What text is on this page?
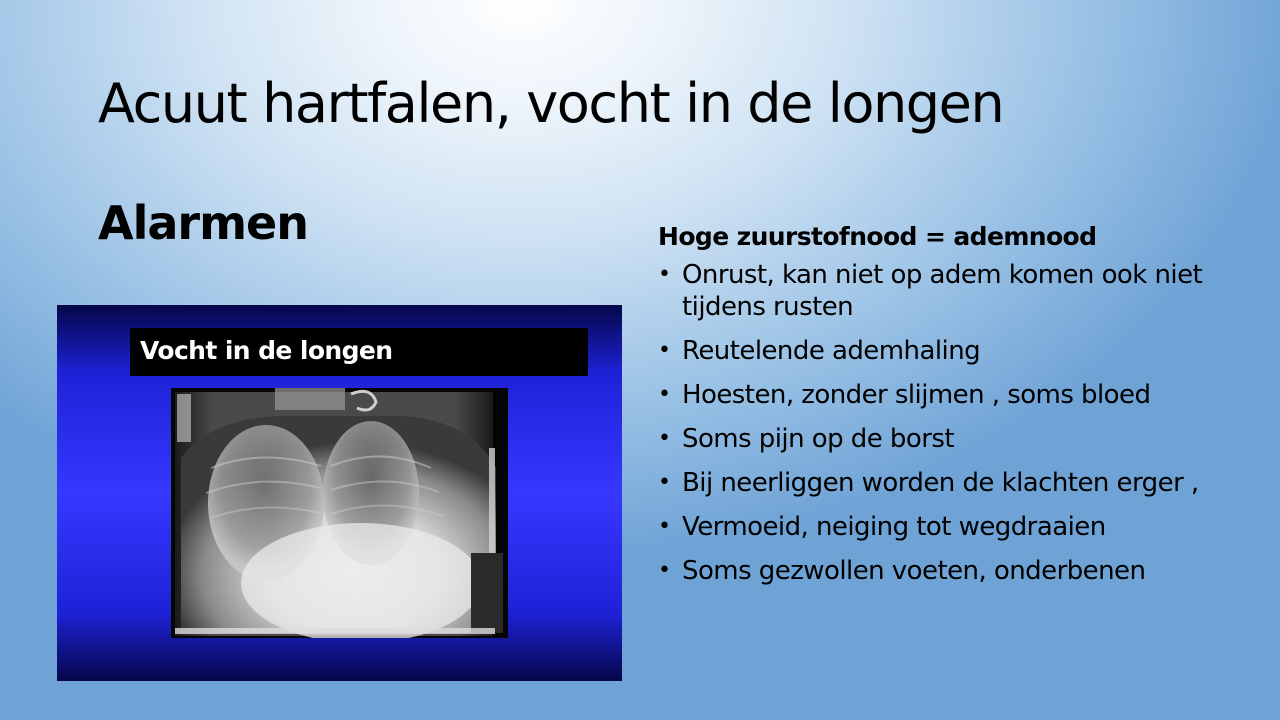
Acuut hartfalen, vocht in de longen
Alarmen
Vocht in de longen

Hoge zuurstofnood = ademnood

• Onrust, kan niet op adem komen ook niet tijdens rusten
• Reutelende ademhaling
• Hoesten, zonder slijmen , soms bloed
• Soms pijn op de borst
• Bij neerliggen worden de klachten erger ,
• Vermoeid, neiging tot wegdraaien
• Soms gezwollen voeten, onderbenen
